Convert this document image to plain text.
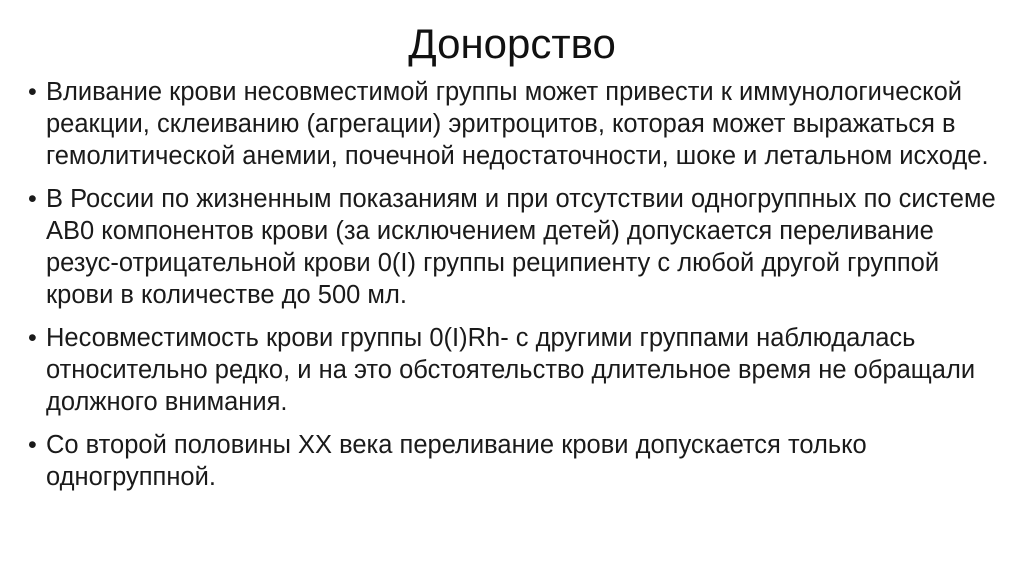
Донорство
• Вливание крови несовместимой группы может привести к иммунологической реакции, склеиванию (агрегации) эритроцитов, которая может выражаться в гемолитической анемии, почечной недостаточности, шоке и летальном исходе.
• В России по жизненным показаниям и при отсутствии одногруппных по системе AB0 компонентов крови (за исключением детей) допускается переливание резус-отрицательной крови 0(I) группы реципиенту с любой другой группой крови в количестве до 500 мл.
• Несовместимость крови группы 0(I)Rh- с другими группами наблюдалась относительно редко, и на это обстоятельство длительное время не обращали должного внимания.
• Со второй половины XX века переливание крови допускается только одногруппной.
